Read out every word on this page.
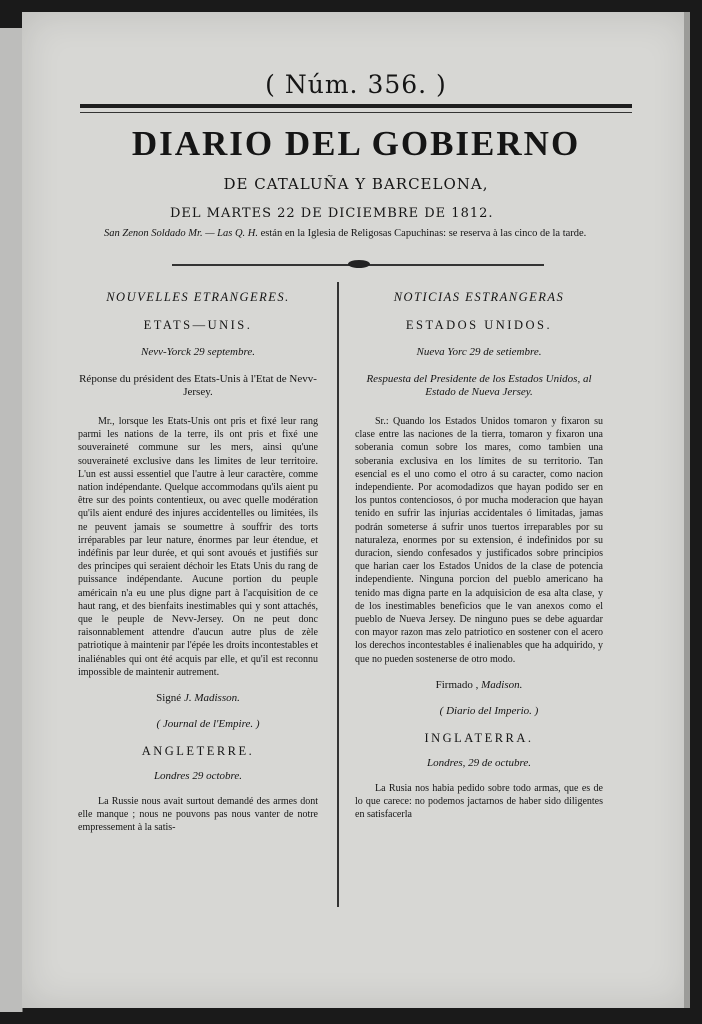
( Núm. 356. )
DIARIO DEL GOBIERNO
DE CATALUÑA Y BARCELONA,
DEL MARTES 22 DE DICIEMBRE DE 1812.
San Zenon Soldado Mr. — Las Q. H. están en la Iglesia de Religosas Capuchinas: se reserva à las cinco de la tarde.
NOUVELLES ETRANGERES.
ETATS—UNIS.
Nevv-Yorck 29 septembre.
Réponse du président des Etats-Unis à l'Etat de Nevv-Jersey.
Mr., lorsque les Etats-Unis ont pris et fixé leur rang parmi les nations de la terre, ils ont pris et fixé une souveraineté commune sur les mers, ainsi qu'une souveraineté exclusive dans les limites de leur territoire. L'un est aussi essentiel que l'autre à leur caractère, comme nation indépendante. Quelque accommodans qu'ils aient pu être sur des points contentieux, ou avec quelle modération qu'ils aient enduré des injures accidentelles ou limitées, ils ne peuvent jamais se soumettre à souffrir des torts irréparables par leur nature, énormes par leur étendue, et indéfinis par leur durée, et qui sont avoués et justifiés sur des principes qui seraient déchoir les Etats Unis du rang de puissance indépendante. Aucune portion du peuple américain n'a eu une plus digne part à l'acquisition de ce haut rang, et des bienfaits inestimables qui y sont attachés, que le peuple de Nevv-Jersey. On ne peut donc raisonnablement attendre d'aucun autre plus de zèle patriotique à maintenir par l'épée les droits incontestables et inaliénables qui ont été acquis par elle, et qu'il est reconnu impossible de maintenir autrement.
Signé J. Madisson.
( Journal de l'Empire. )
ANGLETERRE.
Londres 29 octobre.
La Russie nous avait surtout demandé des armes dont elle manque ; nous ne pouvons pas nous vanter de notre empressement à la satis-
NOTICIAS ESTRANGERAS
ESTADOS UNIDOS.
Nueva Yorc 29 de setiembre.
Respuesta del Presidente de los Estados Unidos, al Estado de Nueva Jersey.
Sr.: Quando los Estados Unidos tomaron y fixaron su clase entre las naciones de la tierra, tomaron y fixaron una soberania comun sobre los mares, como tambien una soberania exclusiva en los límites de su territorio. Tan esencial es el uno como el otro á su caracter, como nacion independiente. Por acomodadizos que hayan podido ser en los puntos contenciosos, ó por mucha moderacion que hayan tenido en sufrir las injurias accidentales ó limitadas, jamas podrán someterse á sufrir unos tuertos irreparables por su naturaleza, enormes por su extension, é indefinidos por su duracion, siendo confesados y justificados sobre principios que harian caer los Estados Unidos de la clase de potencia independiente. Ninguna porcion del pueblo americano ha tenido mas digna parte en la adquisicion de esa alta clase, y de los inestimables beneficios que le van anexos como el pueblo de Nueva Jersey. De ninguno pues se debe aguardar con mayor razon mas zelo patriotico en sostener con el acero los derechos incontestables é inalienables que ha adquirido, y que no pueden sostenerse de otro modo.
Firmado , Madison.
( Diario del Imperio. )
INGLATERRA.
Londres, 29 de octubre.
La Rusia nos habia pedido sobre todo armas, que es de lo que carece: no podemos jactarnos de haber sido diligentes en satisfacerla
